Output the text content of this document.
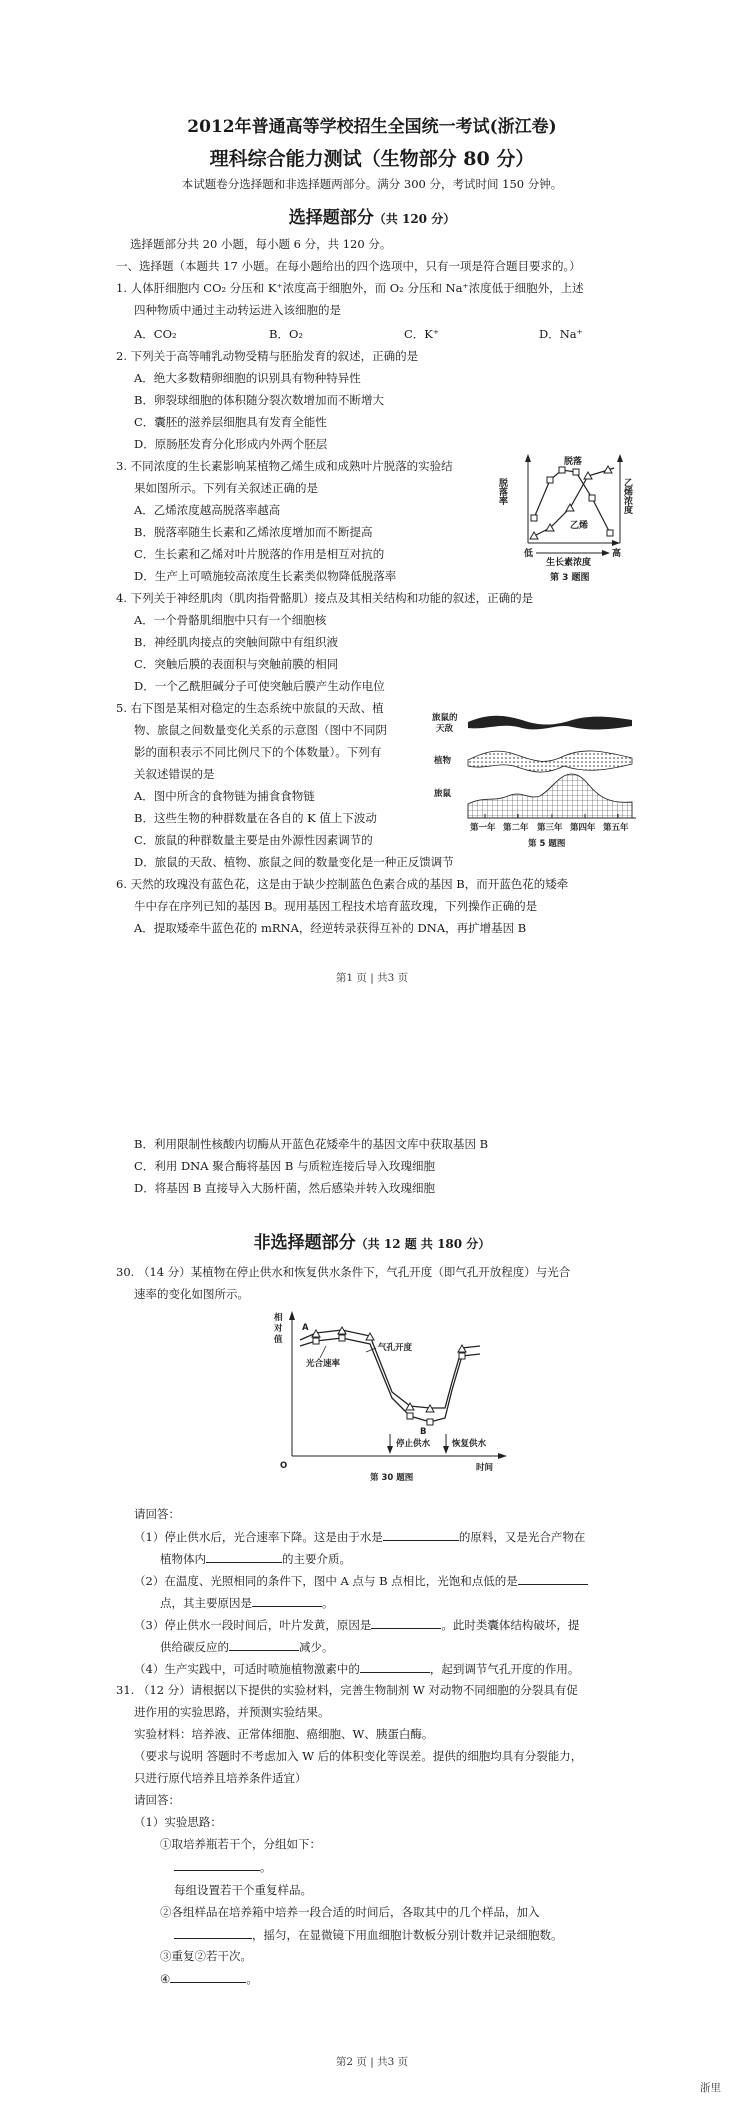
2012年普通高等学校招生全国统一考试(浙江卷)
理科综合能力测试（生物部分 80 分）
本试题卷分选择题和非选择题两部分。满分 300 分，考试时间 150 分钟。
选择题部分（共 120 分）
选择题部分共 20 小题，每小题 6 分，共 120 分。
一、选择题（本题共 17 小题。在每小题给出的四个选项中，只有一项是符合题目要求的。）
1. 人体肝细胞内 CO₂ 分压和 K⁺浓度高于细胞外，而 O₂ 分压和 Na⁺浓度低于细胞外，上述
四种物质中通过主动转运进入该细胞的是
A．CO₂	B．O₂	C．K⁺	D．Na⁺
2. 下列关于高等哺乳动物受精与胚胎发育的叙述，正确的是
A．绝大多数精卵细胞的识别具有物种特异性
B．卵裂球细胞的体积随分裂次数增加而不断增大
C．囊胚的滋养层细胞具有发育全能性
D．原肠胚发育分化形成内外两个胚层
3. 不同浓度的生长素影响某植物乙烯生成和成熟叶片脱落的实验结
果如图所示。下列有关叙述正确的是
A．乙烯浓度越高脱落率越高
B．脱落率随生长素和乙烯浓度增加而不断提高
C．生长素和乙烯对叶片脱落的作用是相互对抗的
D．生产上可喷施较高浓度生长素类似物降低脱落率
脱落率	乙烯浓度
脱落
乙烯
低	高
生长素浓度
第 3 题图
4. 下列关于神经肌肉（肌肉指骨骼肌）接点及其相关结构和功能的叙述，正确的是
A．一个骨骼肌细胞中只有一个细胞核
B．神经肌肉接点的突触间隙中有组织液
C．突触后膜的表面积与突触前膜的相同
D．一个乙酰胆碱分子可使突触后膜产生动作电位
5. 右下图是某相对稳定的生态系统中旅鼠的天敌、植
物、旅鼠之间数量变化关系的示意图（图中不同阴
影的面积表示不同比例尺下的个体数量）。下列有
关叙述错误的是
A．图中所含的食物链为捕食食物链
B．这些生物的种群数量在各自的 K 值上下波动
C．旅鼠的种群数量主要是由外源性因素调节的
D．旅鼠的天敌、植物、旅鼠之间的数量变化是一种正反馈调节
旅鼠的
天敌
植物
旅鼠
第一年 第二年 第三年 第四年 第五年
第 5 题图
6. 天然的玫瑰没有蓝色花，这是由于缺少控制蓝色色素合成的基因 B，而开蓝色花的矮牵
牛中存在序列已知的基因 B。现用基因工程技术培育蓝玫瑰，下列操作正确的是
A．提取矮牵牛蓝色花的 mRNA，经逆转录获得互补的 DNA，再扩增基因 B
第1 页 | 共3 页
B．利用限制性核酸内切酶从开蓝色花矮牵牛的基因文库中获取基因 B
C．利用 DNA 聚合酶将基因 B 与质粒连接后导入玫瑰细胞
D．将基因 B 直接导入大肠杆菌，然后感染并转入玫瑰细胞
非选择题部分（共 12 题 共 180 分）
30. （14 分）某植物在停止供水和恢复供水条件下，气孔开度（即气孔开放程度）与光合
速率的变化如图所示。
相
对
值
A
B
气孔开度
光合速率
停止供水	恢复供水
O	时间
第 30 题图
请回答：
（1）停止供水后，光合速率下降。这是由于水是	的原料，又是光合产物在
植物体内	的主要介质。
（2）在温度、光照相同的条件下，图中 A 点与 B 点相比，光饱和点低的是
点，其主要原因是	。
（3）停止供水一段时间后，叶片发黄，原因是	。此时类囊体结构破坏，提
供给碳反应的	减少。
（4）生产实践中，可适时喷施植物激素中的	，起到调节气孔开度的作用。
31. （12 分）请根据以下提供的实验材料，完善生物制剂 W 对动物不同细胞的分裂具有促
进作用的实验思路，并预测实验结果。
实验材料：培养液、正常体细胞、癌细胞、W、胰蛋白酶。
（要求与说明 答题时不考虑加入 W 后的体积变化等误差。提供的细胞均具有分裂能力，
只进行原代培养且培养条件适宜）
请回答：
（1）实验思路：
①取培养瓶若干个，分组如下：
。
每组设置若干个重复样品。
②各组样品在培养箱中培养一段合适的时间后，各取其中的几个样品，加入
，摇匀，在显微镜下用血细胞计数板分别计数并记录细胞数。
③重复②若干次。
④	。
第2 页 | 共3 页
浙里
